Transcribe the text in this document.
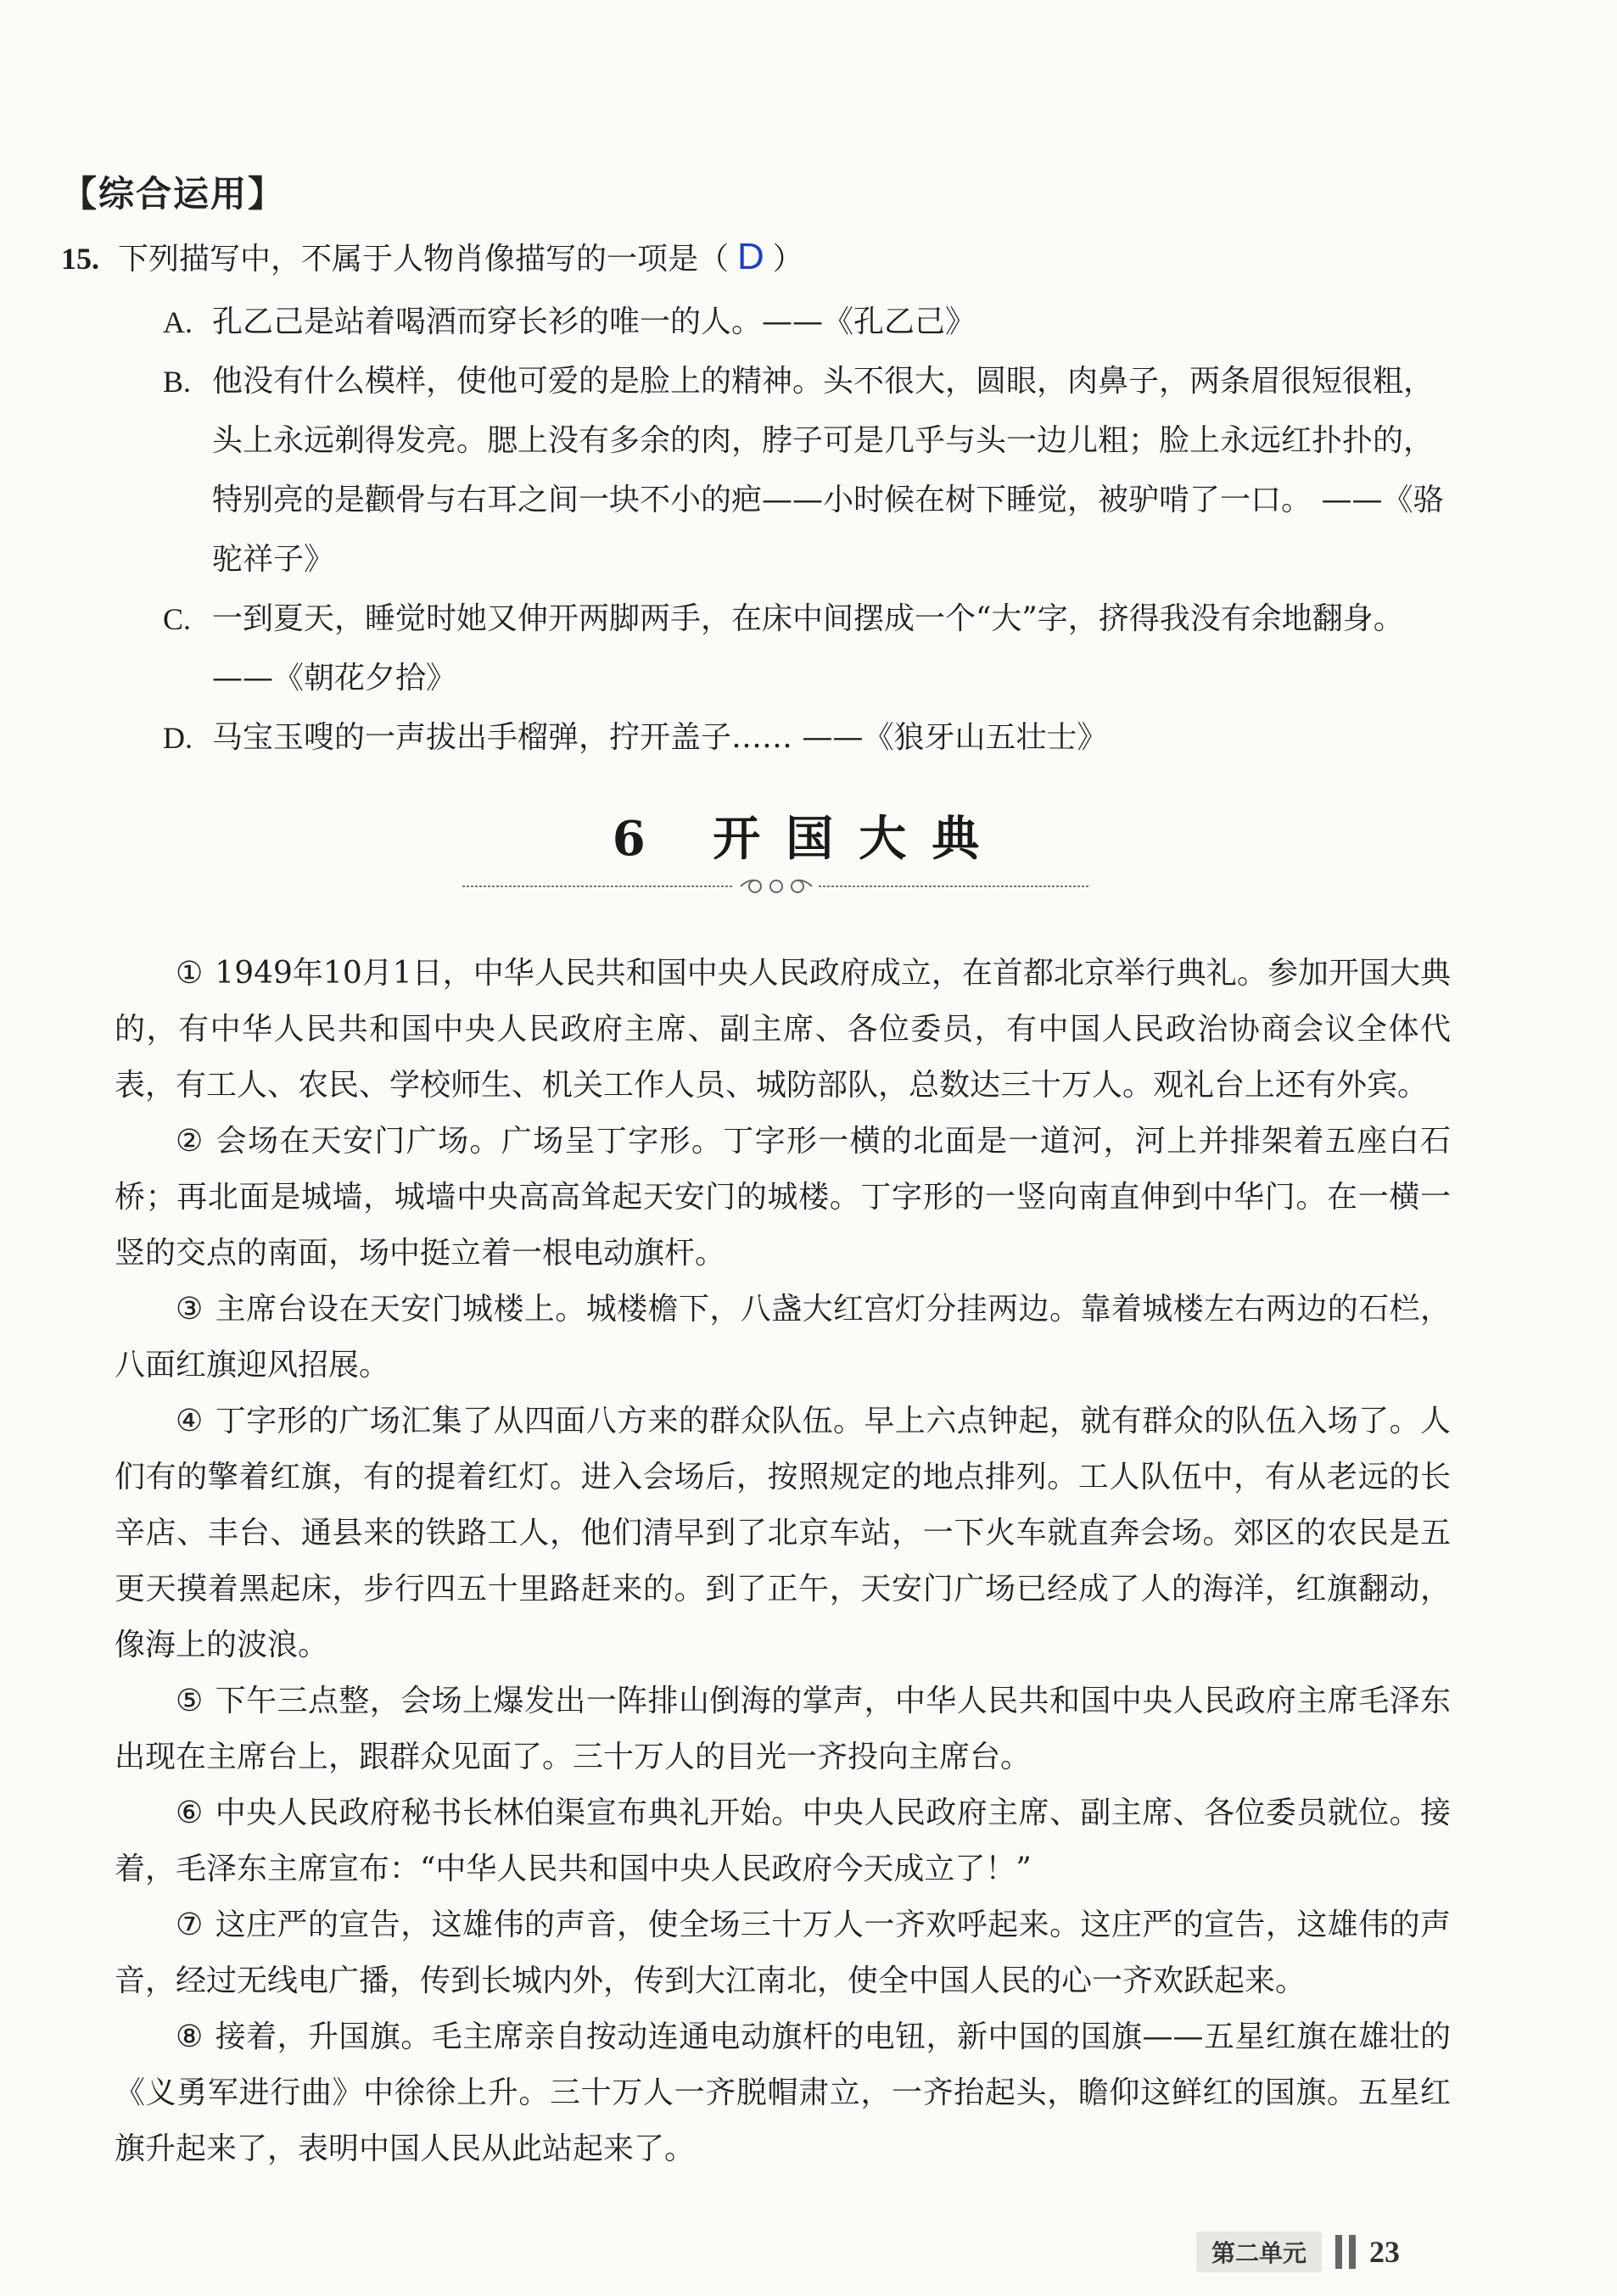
【综合运用】
15. 下列描写中，不属于人物肖像描写的一项是（ D ）
A. 孔乙己是站着喝酒而穿长衫的唯一的人。——《孔乙己》
B. 他没有什么模样，使他可爱的是脸上的精神。头不很大，圆眼，肉鼻子，两条眉很短很粗，头上永远剃得发亮。腮上没有多余的肉，脖子可是几乎与头一边儿粗；脸上永远红扑扑的，特别亮的是颧骨与右耳之间一块不小的疤——小时候在树下睡觉，被驴啃了一口。 ——《骆驼祥子》
C. 一到夏天，睡觉时她又伸开两脚两手，在床中间摆成一个“大”字，挤得我没有余地翻身。——《朝花夕拾》
D. 马宝玉嗖的一声拔出手榴弹，拧开盖子…… ——《狼牙山五壮士》
6 开国大典

① 1949年10月1日，中华人民共和国中央人民政府成立，在首都北京举行典礼。参加开国大典的，有中华人民共和国中央人民政府主席、副主席、各位委员，有中国人民政治协商会议全体代表，有工人、农民、学校师生、机关工作人员、城防部队，总数达三十万人。观礼台上还有外宾。

② 会场在天安门广场。广场呈丁字形。丁字形一横的北面是一道河，河上并排架着五座白石桥；再北面是城墙，城墙中央高高耸起天安门的城楼。丁字形的一竖向南直伸到中华门。在一横一竖的交点的南面，场中挺立着一根电动旗杆。

③ 主席台设在天安门城楼上。城楼檐下，八盏大红宫灯分挂两边。靠着城楼左右两边的石栏，八面红旗迎风招展。

④ 丁字形的广场汇集了从四面八方来的群众队伍。早上六点钟起，就有群众的队伍入场了。人们有的擎着红旗，有的提着红灯。进入会场后，按照规定的地点排列。工人队伍中，有从老远的长辛店、丰台、通县来的铁路工人，他们清早到了北京车站，一下火车就直奔会场。郊区的农民是五更天摸着黑起床，步行四五十里路赶来的。到了正午，天安门广场已经成了人的海洋，红旗翻动，像海上的波浪。

⑤ 下午三点整，会场上爆发出一阵排山倒海的掌声，中华人民共和国中央人民政府主席毛泽东出现在主席台上，跟群众见面了。三十万人的目光一齐投向主席台。

⑥ 中央人民政府秘书长林伯渠宣布典礼开始。中央人民政府主席、副主席、各位委员就位。接着，毛泽东主席宣布：“中华人民共和国中央人民政府今天成立了！”

⑦ 这庄严的宣告，这雄伟的声音，使全场三十万人一齐欢呼起来。这庄严的宣告，这雄伟的声音，经过无线电广播，传到长城内外，传到大江南北，使全中国人民的心一齐欢跃起来。

⑧ 接着，升国旗。毛主席亲自按动连通电动旗杆的电钮，新中国的国旗——五星红旗在雄壮的《义勇军进行曲》中徐徐上升。三十万人一齐脱帽肃立，一齐抬起头，瞻仰这鲜红的国旗。五星红旗升起来了，表明中国人民从此站起来了。

第二单元	23
